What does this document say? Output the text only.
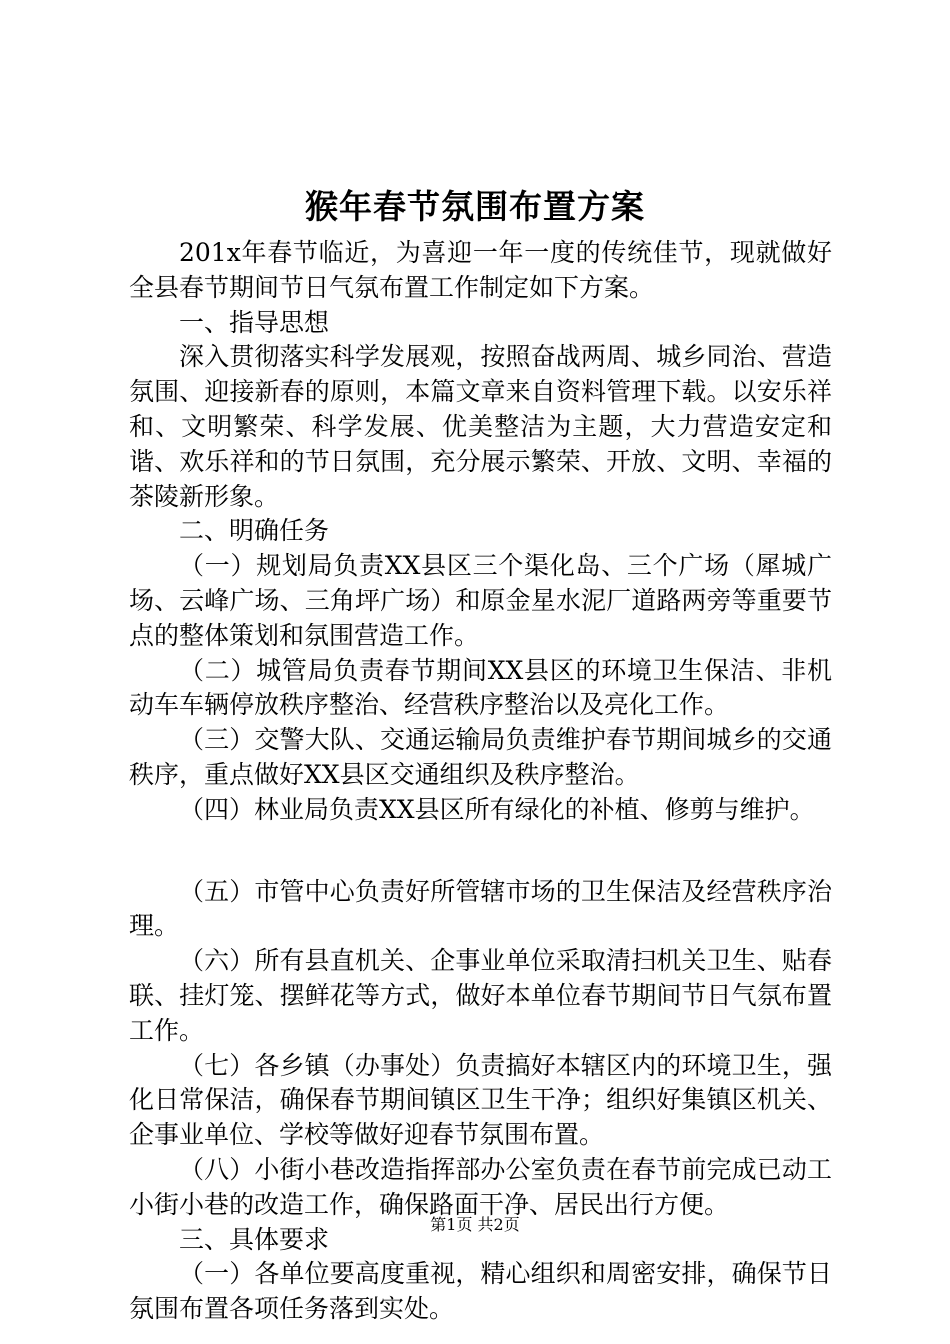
猴年春节氛围布置方案

201x年春节临近，为喜迎一年一度的传统佳节，现就做好全县春节期间节日气氛布置工作制定如下方案。

一、指导思想

深入贯彻落实科学发展观，按照奋战两周、城乡同治、营造氛围、迎接新春的原则，本篇文章来自资料管理下载。以安乐祥和、文明繁荣、科学发展、优美整洁为主题，大力营造安定和谐、欢乐祥和的节日氛围，充分展示繁荣、开放、文明、幸福的茶陵新形象。

二、明确任务

（一）规划局负责XX县区三个渠化岛、三个广场（犀城广场、云峰广场、三角坪广场）和原金星水泥厂道路两旁等重要节点的整体策划和氛围营造工作。

（二）城管局负责春节期间XX县区的环境卫生保洁、非机动车车辆停放秩序整治、经营秩序整治以及亮化工作。

（三）交警大队、交通运输局负责维护春节期间城乡的交通秩序，重点做好XX县区交通组织及秩序整治。

（四）林业局负责XX县区所有绿化的补植、修剪与维护。

（五）市管中心负责好所管辖市场的卫生保洁及经营秩序治理。

（六）所有县直机关、企事业单位采取清扫机关卫生、贴春联、挂灯笼、摆鲜花等方式，做好本单位春节期间节日气氛布置工作。

（七）各乡镇（办事处）负责搞好本辖区内的环境卫生，强化日常保洁，确保春节期间镇区卫生干净；组织好集镇区机关、企事业单位、学校等做好迎春节氛围布置。

（八）小街小巷改造指挥部办公室负责在春节前完成已动工小街小巷的改造工作，确保路面干净、居民出行方便。

三、具体要求

（一）各单位要高度重视，精心组织和周密安排，确保节日氛围布置各项任务落到实处。

第1页 共2页
